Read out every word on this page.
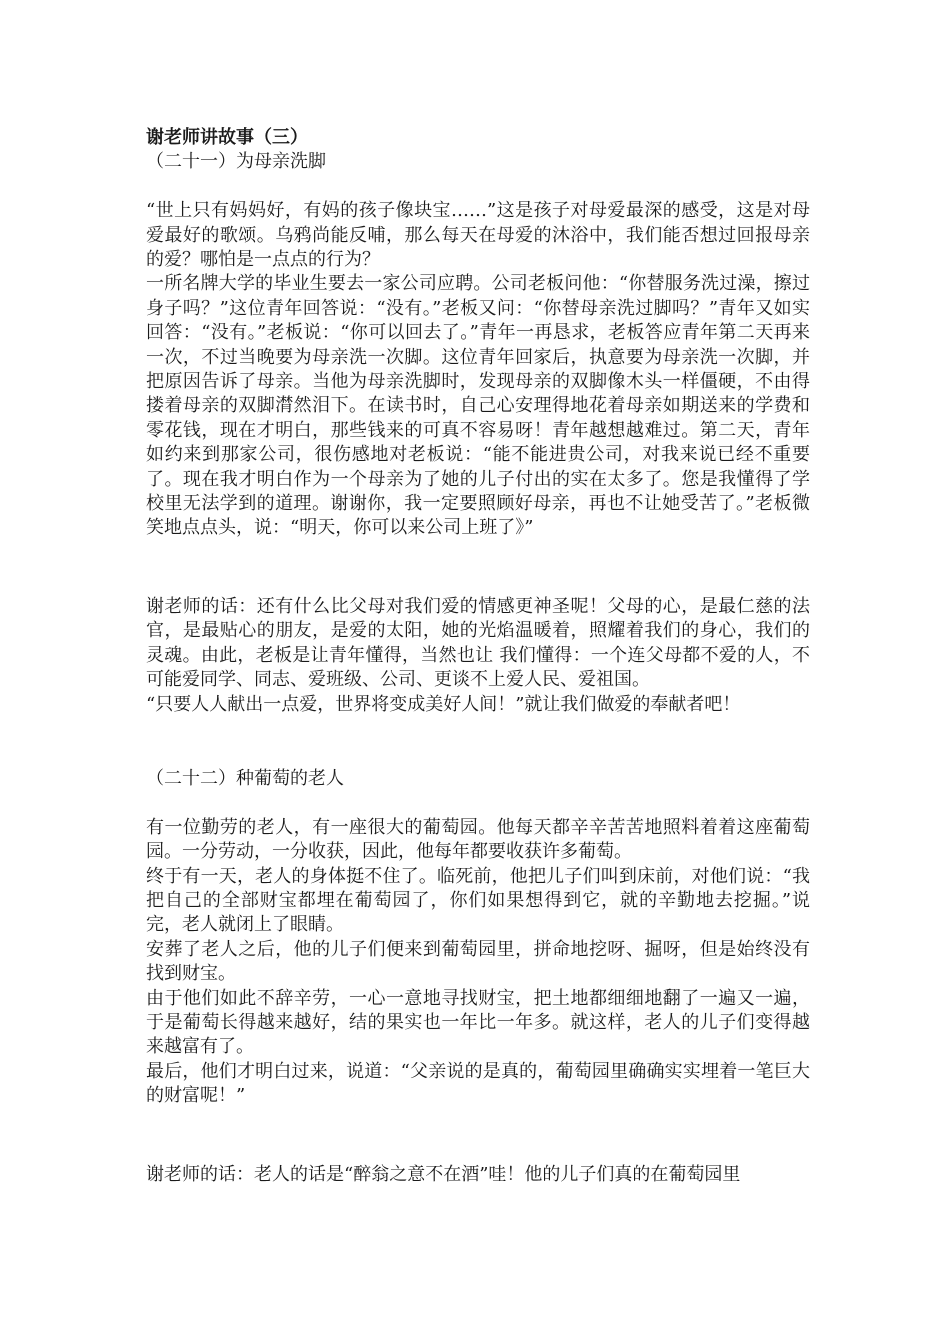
谢老师讲故事（三）

（二十一）为母亲洗脚

“世上只有妈妈好，有妈的孩子像块宝……”这是孩子对母爱最深的感受，这是对母爱最好的歌颂。乌鸦尚能反哺，那么每天在母爱的沐浴中，我们能否想过回报母亲的爱？哪怕是一点点的行为？

一所名牌大学的毕业生要去一家公司应聘。公司老板问他：“你替服务洗过澡，擦过身子吗？”这位青年回答说：“没有。”老板又问：“你替母亲洗过脚吗？”青年又如实回答：“没有。”老板说：“你可以回去了。”青年一再恳求，老板答应青年第二天再来一次，不过当晚要为母亲洗一次脚。这位青年回家后，执意要为母亲洗一次脚，并把原因告诉了母亲。当他为母亲洗脚时，发现母亲的双脚像木头一样僵硬，不由得搂着母亲的双脚潸然泪下。在读书时，自己心安理得地花着母亲如期送来的学费和零花钱，现在才明白，那些钱来的可真不容易呀！青年越想越难过。第二天，青年如约来到那家公司，很伤感地对老板说：“能不能进贵公司，对我来说已经不重要了。现在我才明白作为一个母亲为了她的儿子付出的实在太多了。您是我懂得了学校里无法学到的道理。谢谢你，我一定要照顾好母亲，再也不让她受苦了。”老板微笑地点点头，说：“明天，你可以来公司上班了》”

谢老师的话：还有什么比父母对我们爱的情感更神圣呢！父母的心，是最仁慈的法官，是最贴心的朋友，是爱的太阳，她的光焰温暖着，照耀着我们的身心，我们的灵魂。由此，老板是让青年懂得，当然也让 我们懂得：一个连父母都不爱的人，不可能爱同学、同志、爱班级、公司、更谈不上爱人民、爱祖国。

“只要人人献出一点爱，世界将变成美好人间！”就让我们做爱的奉献者吧！

（二十二）种葡萄的老人

有一位勤劳的老人，有一座很大的葡萄园。他每天都辛辛苦苦地照料着着这座葡萄园。一分劳动，一分收获，因此，他每年都要收获许多葡萄。

终于有一天，老人的身体挺不住了。临死前，他把儿子们叫到床前，对他们说：“我把自己的全部财宝都埋在葡萄园了，你们如果想得到它，就的辛勤地去挖掘。”说完，老人就闭上了眼睛。

安葬了老人之后，他的儿子们便来到葡萄园里，拼命地挖呀、掘呀，但是始终没有找到财宝。

由于他们如此不辞辛劳，一心一意地寻找财宝，把土地都细细地翻了一遍又一遍，于是葡萄长得越来越好，结的果实也一年比一年多。就这样，老人的儿子们变得越来越富有了。

最后，他们才明白过来，说道：“父亲说的是真的，葡萄园里确确实实埋着一笔巨大的财富呢！”

谢老师的话：老人的话是“醉翁之意不在酒”哇！他的儿子们真的在葡萄园里
